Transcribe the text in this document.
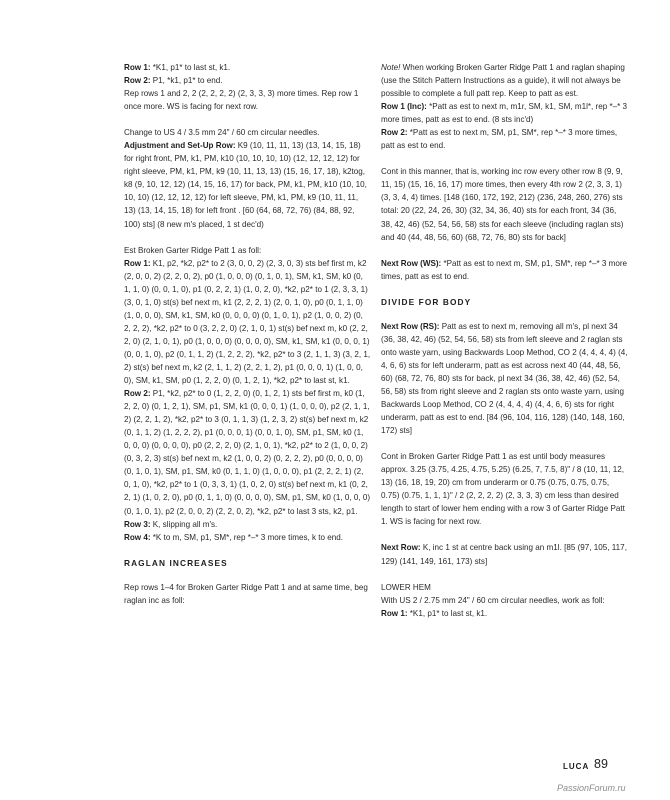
Row 1: *K1, p1* to last st, k1.

Row 2: P1, *k1, p1* to end.

Rep rows 1 and 2, 2 (2, 2, 2, 2) (2, 3, 3, 3) more times. Rep row 1 once more. WS is facing for next row.

Change to US 4 / 3.5 mm 24" / 60 cm circular needles.

Adjustment and Set-Up Row: K9 (10, 11, 11, 13) (13, 14, 15, 18) for right front, PM, k1, PM, k10 (10, 10, 10, 10) (12, 12, 12, 12) for right sleeve, PM, k1, PM, k9 (10, 11, 13, 13) (15, 16, 17, 18), k2tog, k8 (9, 10, 12, 12) (14, 15, 16, 17) for back, PM, k1, PM, k10 (10, 10, 10, 10) (12, 12, 12, 12) for left sleeve, PM, k1, PM, k9 (10, 11, 11, 13) (13, 14, 15, 18) for left front . [60 (64, 68, 72, 76) (84, 88, 92, 100) sts] (8 new m's placed, 1 st dec'd)

Est Broken Garter Ridge Patt 1 as foll:

Row 1: K1, p2, *k2, p2* to 2 (3, 0, 0, 2) (2, 3, 0, 3) sts bef first m, k2 (2, 0, 0, 2) (2, 2, 0, 2), p0 (1, 0, 0, 0) (0, 1, 0, 1), SM, k1, SM, k0 (0, 1, 1, 0) (0, 0, 1, 0), p1 (0, 2, 2, 1) (1, 0, 2, 0), *k2, p2* to 1 (2, 3, 3, 1) (3, 0, 1, 0) st(s) bef next m, k1 (2, 2, 2, 1) (2, 0, 1, 0), p0 (0, 1, 1, 0) (1, 0, 0, 0), SM, k1, SM, k0 (0, 0, 0, 0) (0, 1, 0, 1), p2 (1, 0, 0, 2) (0, 2, 2, 2), *k2, p2* to 0 (3, 2, 2, 0) (2, 1, 0, 1) st(s) bef next m, k0 (2, 2, 2, 0) (2, 1, 0, 1), p0 (1, 0, 0, 0) (0, 0, 0, 0), SM, k1, SM, k1 (0, 0, 0, 1) (0, 0, 1, 0), p2 (0, 1, 1, 2) (1, 2, 2, 2), *k2, p2* to 3 (2, 1, 1, 3) (3, 2, 1, 2) st(s) bef next m, k2 (2, 1, 1, 2) (2, 2, 1, 2), p1 (0, 0, 0, 1) (1, 0, 0, 0), SM, k1, SM, p0 (1, 2, 2, 0) (0, 1, 2, 1), *k2, p2* to last st, k1.

Row 2: P1, *k2, p2* to 0 (1, 2, 2, 0) (0, 1, 2, 1) sts bef first m, k0 (1, 2, 2, 0) (0, 1, 2, 1), SM, p1, SM, k1 (0, 0, 0, 1) (1, 0, 0, 0), p2 (2, 1, 1, 2) (2, 2, 1, 2), *k2, p2* to 3 (0, 1, 1, 3) (1, 2, 3, 2) st(s) bef next m, k2 (0, 1, 1, 2) (1, 2, 2, 2), p1 (0, 0, 0, 1) (0, 0, 1, 0), SM, p1, SM, k0 (1, 0, 0, 0) (0, 0, 0, 0), p0 (2, 2, 2, 0) (2, 1, 0, 1), *k2, p2* to 2 (1, 0, 0, 2) (0, 3, 2, 3) st(s) bef next m, k2 (1, 0, 0, 2) (0, 2, 2, 2), p0 (0, 0, 0, 0) (0, 1, 0, 1), SM, p1, SM, k0 (0, 1, 1, 0) (1, 0, 0, 0), p1 (2, 2, 2, 1) (2, 0, 1, 0), *k2, p2* to 1 (0, 3, 3, 1) (1, 0, 2, 0) st(s) bef next m, k1 (0, 2, 2, 1) (1, 0, 2, 0), p0 (0, 1, 1, 0) (0, 0, 0, 0), SM, p1, SM, k0 (1, 0, 0, 0) (0, 1, 0, 1), p2 (2, 0, 0, 2) (2, 2, 0, 2), *k2, p2* to last 3 sts, k2, p1.

Row 3: K, slipping all m's.

Row 4: *K to m, SM, p1, SM*, rep *–* 3 more times, k to end.

RAGLAN INCREASES

Rep rows 1–4 for Broken Garter Ridge Patt 1 and at same time, beg raglan inc as foll:

Note! When working Broken Garter Ridge Patt 1 and raglan shaping (use the Stitch Pattern Instructions as a guide), it will not always be possible to complete a full patt rep. Keep to patt as est.

Row 1 (Inc): *Patt as est to next m, m1r, SM, k1, SM, m1l*, rep *–* 3 more times, patt as est to end. (8 sts inc'd)

Row 2: *Patt as est to next m, SM, p1, SM*, rep *–* 3 more times, patt as est to end.

Cont in this manner, that is, working inc row every other row 8 (9, 9, 11, 15) (15, 16, 16, 17) more times, then every 4th row 2 (2, 3, 3, 1) (3, 3, 4, 4) times. [148 (160, 172, 192, 212) (236, 248, 260, 276) sts total: 20 (22, 24, 26, 30) (32, 34, 36, 40) sts for each front, 34 (36, 38, 42, 46) (52, 54, 56, 58) sts for each sleeve (including raglan sts) and 40 (44, 48, 56, 60) (68, 72, 76, 80) sts for back]

Next Row (WS): *Patt as est to next m, SM, p1, SM*, rep *–* 3 more times, patt as est to end.

DIVIDE FOR BODY

Next Row (RS): Patt as est to next m, removing all m's, pl next 34 (36, 38, 42, 46) (52, 54, 56, 58) sts from left sleeve and 2 raglan sts onto waste yarn, using Backwards Loop Method, CO 2 (4, 4, 4, 4) (4, 4, 6, 6) sts for left underarm, patt as est across next 40 (44, 48, 56, 60) (68, 72, 76, 80) sts for back, pl next 34 (36, 38, 42, 46) (52, 54, 56, 58) sts from right sleeve and 2 raglan sts onto waste yarn, using Backwards Loop Method, CO 2 (4, 4, 4, 4) (4, 4, 6, 6) sts for right underarm, patt as est to end. [84 (96, 104, 116, 128) (140, 148, 160, 172) sts]

Cont in Broken Garter Ridge Patt 1 as est until body measures approx. 3.25 (3.75, 4.25, 4.75, 5.25) (6.25, 7, 7.5, 8)" / 8 (10, 11, 12, 13) (16, 18, 19, 20) cm from underarm or 0.75 (0.75, 0.75, 0.75, 0.75) (0.75, 1, 1, 1)" / 2 (2, 2, 2, 2) (2, 3, 3, 3) cm less than desired length to start of lower hem ending with a row 3 of Garter Ridge Patt 1. WS is facing for next row.

Next Row: K, inc 1 st at centre back using an m1l. [85 (97, 105, 117, 129) (141, 149, 161, 173) sts]

LOWER HEM

With US 2 / 2.75 mm 24" / 60 cm circular needles, work as foll:

Row 1: *K1, p1* to last st, k1.

LUCA 89
PassionForum.ru
